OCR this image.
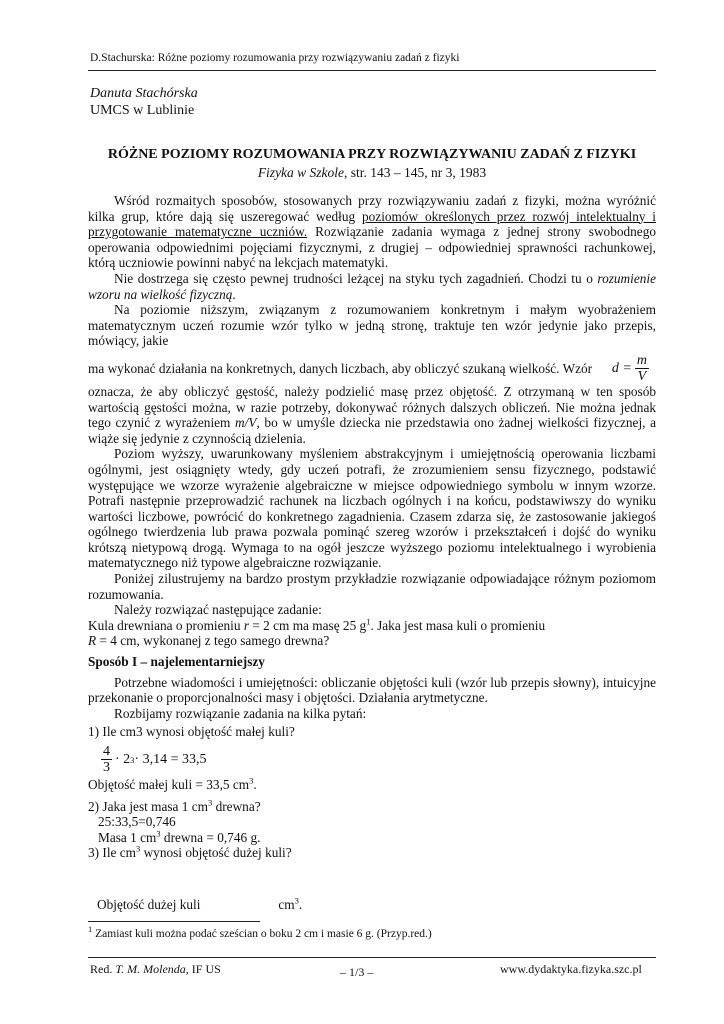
D.Stachurska: Różne poziomy rozumowania przy rozwiązywaniu zadań z fizyki
Danuta Stachórska
UMCS w Lublinie
RÓŻNE POZIOMY ROZUMOWANIA PRZY ROZWIĄZYWANIU ZADAŃ Z FIZYKI
Fizyka w Szkole, str. 143 – 145, nr 3, 1983

Wśród rozmaitych sposobów, stosowanych przy rozwiązywaniu zadań z fizyki, można wyróżnić kilka grup, które dają się uszeregować według poziomów określonych przez rozwój intelektualny i przygotowanie matematyczne uczniów. Rozwiązanie zadania wymaga z jednej strony swobodnego operowania odpowiednimi pojęciami fizycznymi, z drugiej – odpowiedniej sprawności rachunkowej, którą uczniowie powinni nabyć na lekcjach matematyki.

Nie dostrzega się często pewnej trudności leżącej na styku tych zagadnień. Chodzi tu o rozumienie wzoru na wielkość fizyczną.

Na poziomie niższym, związanym z rozumowaniem konkretnym i małym wyobrażeniem matematycznym uczeń rozumie wzór tylko w jedną stronę, traktuje ten wzór jedynie jako przepis, mówiący, jakie

ma wykonać działania na konkretnych, danych liczbach, aby obliczyć szukaną wielkość. Wzór $d = \frac{m}{V}$

oznacza, że aby obliczyć gęstość, należy podzielić masę przez objętość. Z otrzymaną w ten sposób wartością gęstości można, w razie potrzeby, dokonywać różnych dalszych obliczeń. Nie można jednak tego czynić z wyrażeniem m/V, bo w umyśle dziecka nie przedstawia ono żadnej wielkości fizycznej, a wiąże się jedynie z czynnością dzielenia.

Poziom wyższy, uwarunkowany myśleniem abstrakcyjnym i umiejętnością operowania liczbami ogólnymi, jest osiągnięty wtedy, gdy uczeń potrafi, że zrozumieniem sensu fizycznego, podstawić występujące we wzorze wyrażenie algebraiczne w miejsce odpowiedniego symbolu w innym wzorze. Potrafi następnie przeprowadzić rachunek na liczbach ogólnych i na końcu, podstawiwszy do wyniku wartości liczbowe, powrócić do konkretnego zagadnienia. Czasem zdarza się, że zastosowanie jakiegoś ogólnego twierdzenia lub prawa pozwala pominąć szereg wzorów i przekształceń i dojść do wyniku krótszą nietypową drogą. Wymaga to na ogół jeszcze wyższego poziomu intelektualnego i wyrobienia matematycznego niż typowe algebraiczne rozwiązanie.

Poniżej zilustrujemy na bardzo prostym przykładzie rozwiązanie odpowiadające różnym poziomom rozumowania.

Należy rozwiązać następujące zadanie:

Kula drewniana o promieniu r = 2 cm ma masę 25 $g^1$. Jaka jest masa kuli o promieniu
R = 4 cm, wykonanej z tego samego drewna?

Sposób I – najelementarniejszy

Potrzebne wiadomości i umiejętności: obliczanie objętości kuli (wzór lub przepis słowny), intuicyjne przekonanie o proporcjonalności masy i objętości. Działania arytmetyczne.

Rozbijamy rozwiązanie zadania na kilka pytań:

1) Ile cm3 wynosi objętość małej kuli?
$\frac{4}{3} \cdot 2$ 3 · 3,14 = 33,5
Objętość małej kuli = 33,5 $cm^3$.
2) Jaka jest masa 1 $cm^3$ drewna?
25:33,5=0,746
Masa 1 $cm^3$ drewna = 0,746 g.
3) Ile $cm^3$ wynosi objętość dużej kuli?
Objętość dużej kuli	$cm^3$.
$^1$ Zamiast kuli można podać sześcian o boku 2 cm i masie 6 g. (Przyp.red.)
Red. T. M. Molenda, IF US	– 1/3 –	www.dydaktyka.fizyka.szc.pl
